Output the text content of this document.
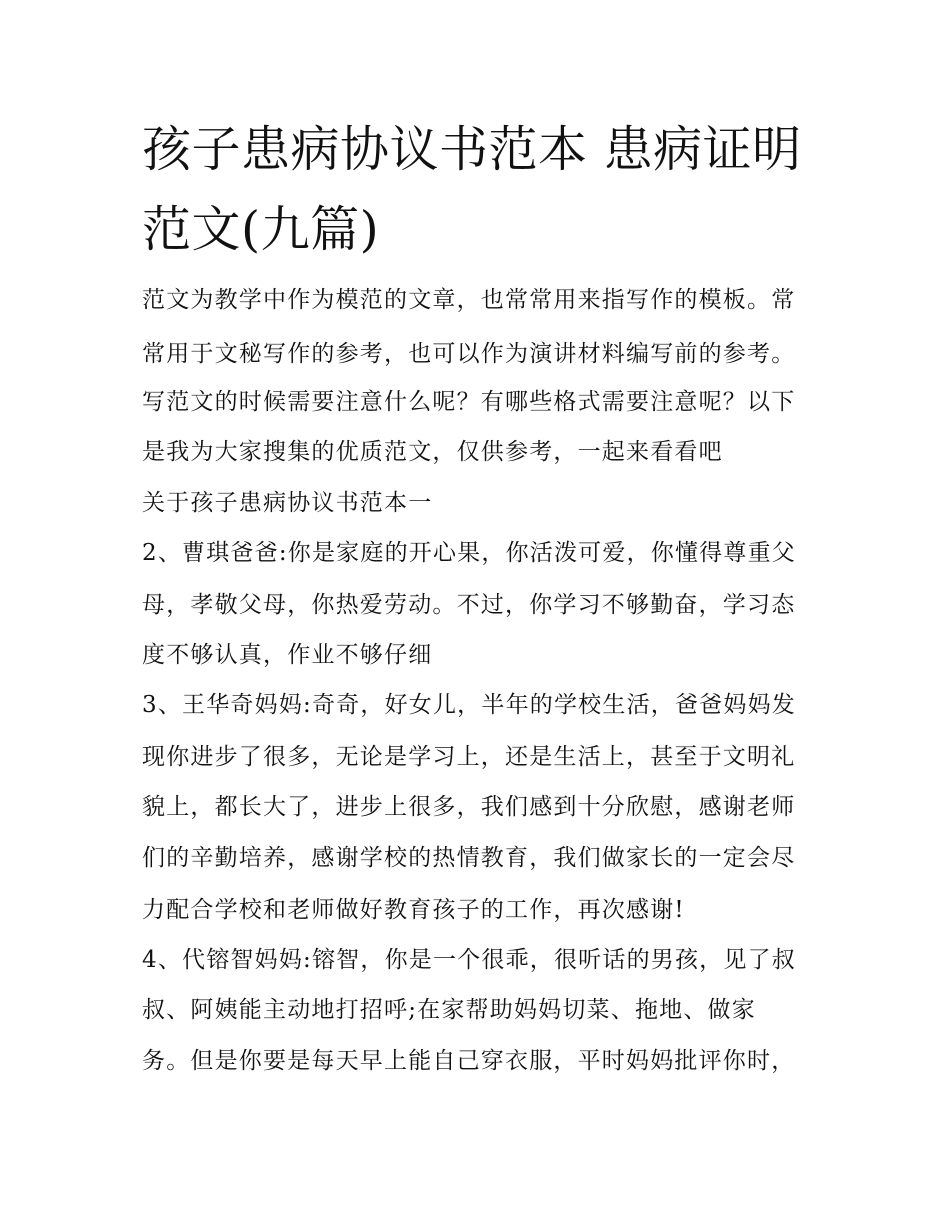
孩子患病协议书范本 患病证明
范文(九篇)

范文为教学中作为模范的文章，也常常用来指写作的模板。常

常用于文秘写作的参考，也可以作为演讲材料编写前的参考。

写范文的时候需要注意什么呢？有哪些格式需要注意呢？以下

是我为大家搜集的优质范文，仅供参考，一起来看看吧

关于孩子患病协议书范本一

2、曹琪爸爸:你是家庭的开心果，你活泼可爱，你懂得尊重父

母，孝敬父母，你热爱劳动。不过，你学习不够勤奋，学习态

度不够认真，作业不够仔细

3、王华奇妈妈:奇奇，好女儿，半年的学校生活，爸爸妈妈发

现你进步了很多，无论是学习上，还是生活上，甚至于文明礼

貌上，都长大了，进步上很多，我们感到十分欣慰，感谢老师

们的辛勤培养，感谢学校的热情教育，我们做家长的一定会尽

力配合学校和老师做好教育孩子的工作，再次感谢!

4、代镕智妈妈:镕智，你是一个很乖，很听话的男孩，见了叔

叔、阿姨能主动地打招呼;在家帮助妈妈切菜、拖地、做家

务。但是你要是每天早上能自己穿衣服，平时妈妈批评你时，
